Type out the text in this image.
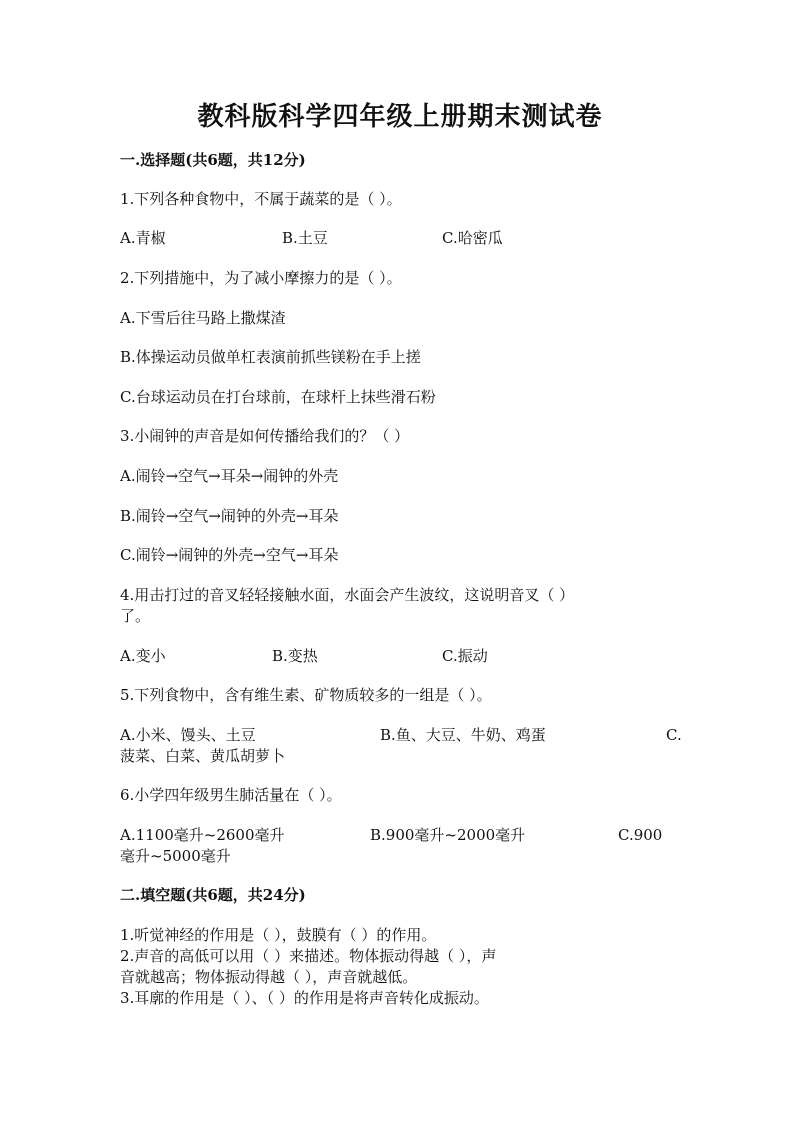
教科版科学四年级上册期末测试卷
一.选择题(共6题，共12分)
1.下列各种食物中，不属于蔬菜的是（ ）。
A.青椒	B.土豆	C.哈密瓜
2.下列措施中，为了减小摩擦力的是（ ）。
A.下雪后往马路上撒煤渣
B.体操运动员做单杠表演前抓些镁粉在手上搓
C.台球运动员在打台球前，在球杆上抹些滑石粉
3.小闹钟的声音是如何传播给我们的？（ ）
A.闹铃→空气→耳朵→闹钟的外壳
B.闹铃→空气→闹钟的外壳→耳朵
C.闹铃→闹钟的外壳→空气→耳朵
4.用击打过的音叉轻轻接触水面，水面会产生波纹，这说明音叉（ ）
了。
A.变小	B.变热	C.振动
5.下列食物中，含有维生素、矿物质较多的一组是（ ）。
A.小米、馒头、土豆	B.鱼、大豆、牛奶、鸡蛋	C.
菠菜、白菜、黄瓜胡萝卜
6.小学四年级男生肺活量在（ ）。
A.1100毫升~2600毫升	B.900毫升~2000毫升	C.900
毫升~5000毫升
二.填空题(共6题，共24分)
1.听觉神经的作用是（ ），鼓膜有（ ）的作用。
2.声音的高低可以用（ ）来描述。物体振动得越（ ），声
音就越高；物体振动得越（ ），声音就越低。
3.耳廓的作用是（ ）、（ ）的作用是将声音转化成振动。
